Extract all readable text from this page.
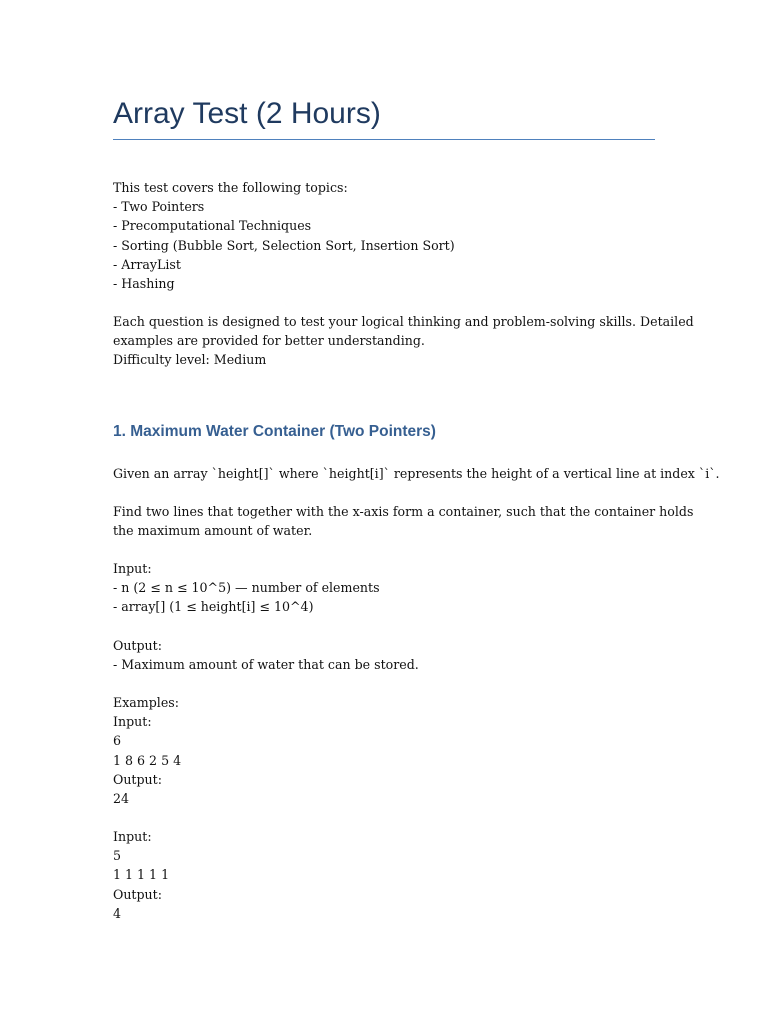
Array Test (2 Hours)
This test covers the following topics:
- Two Pointers
- Precomputational Techniques
- Sorting (Bubble Sort, Selection Sort, Insertion Sort)
- ArrayList
- Hashing
Each question is designed to test your logical thinking and problem-solving skills. Detailed
examples are provided for better understanding.
Difficulty level: Medium
1. Maximum Water Container (Two Pointers)
Given an array `height[]` where `height[i]` represents the height of a vertical line at index `i`.
Find two lines that together with the x-axis form a container, such that the container holds
the maximum amount of water.
Input:
- n (2 ≤ n ≤ 10^5) — number of elements
- array[] (1 ≤ height[i] ≤ 10^4)
Output:
- Maximum amount of water that can be stored.
Examples:
Input:
6
1 8 6 2 5 4
Output:
24
Input:
5
1 1 1 1 1
Output:
4
